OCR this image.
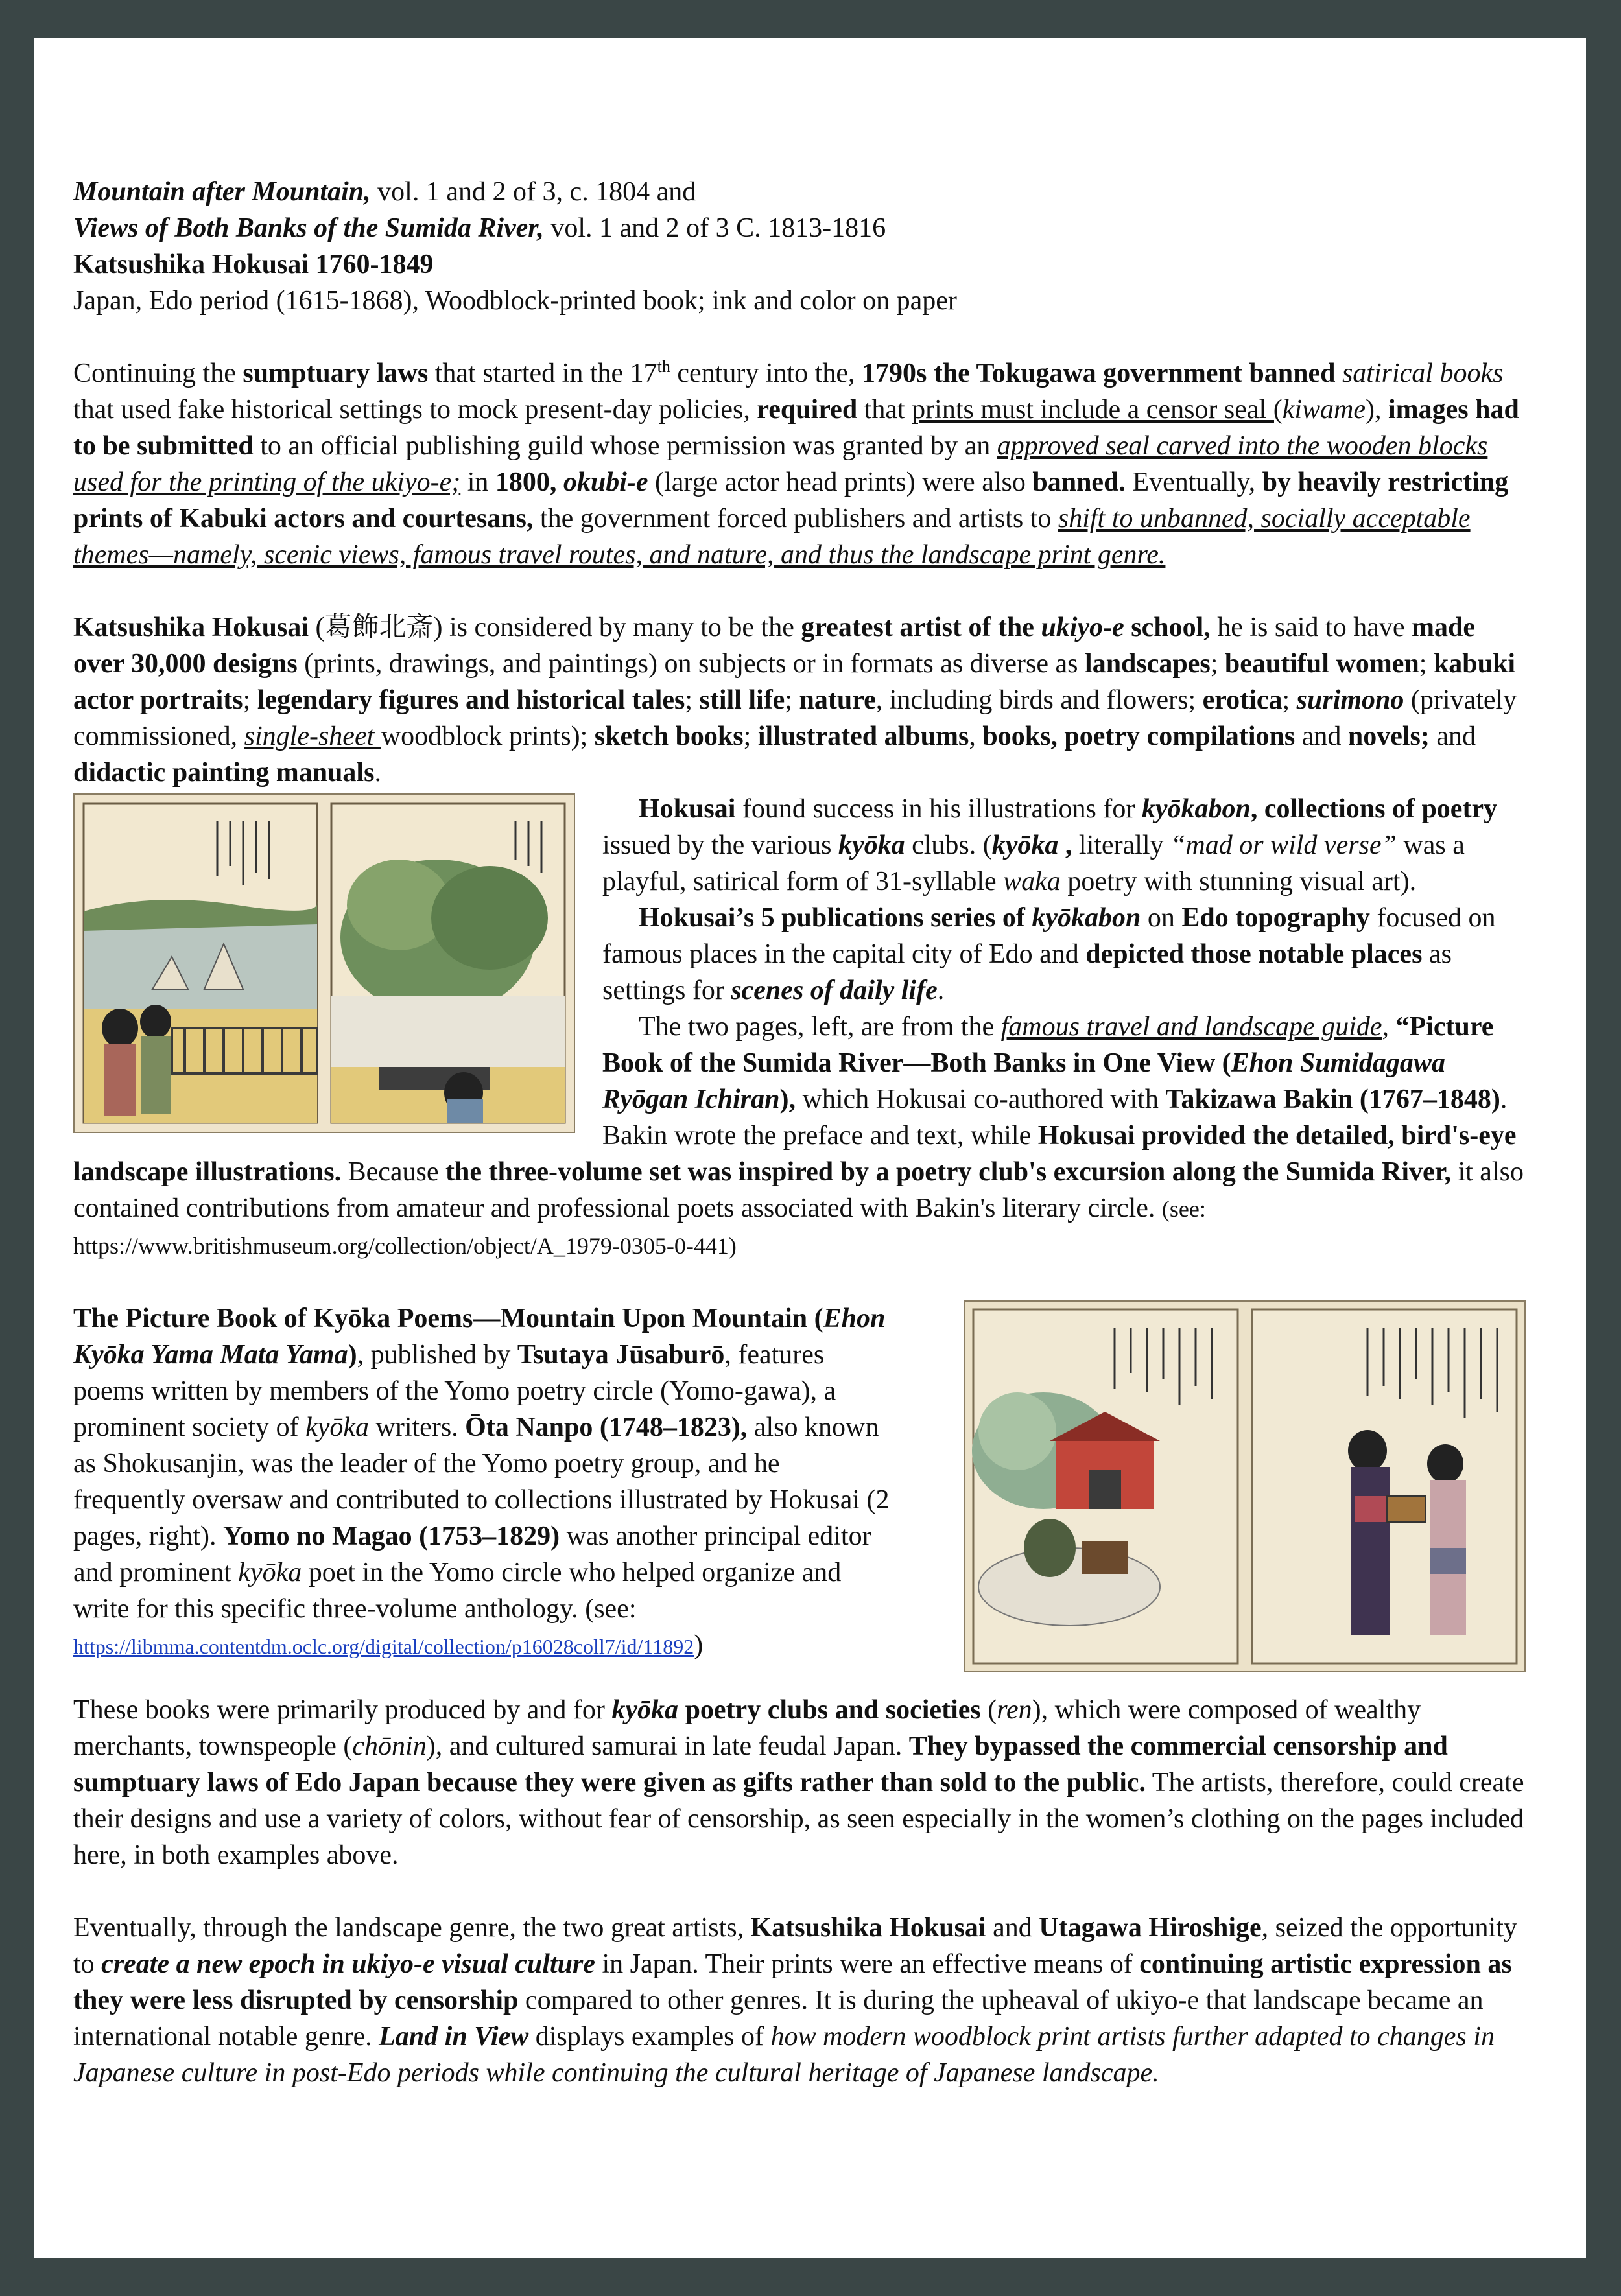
Mountain after Mountain, vol. 1 and 2 of 3, c. 1804 and

Views of Both Banks of the Sumida River, vol. 1 and 2 of 3 C. 1813-1816

Katsushika Hokusai 1760-1849

Japan, Edo period (1615-1868), Woodblock-printed book; ink and color on paper

Continuing the sumptuary laws that started in the 17th century into the, 1790s the Tokugawa government banned satirical books that used fake historical settings to mock present-day policies, required that prints must include a censor seal (kiwame), images had to be submitted to an official publishing guild whose permission was granted by an approved seal carved into the wooden blocks used for the printing of the ukiyo-e; in 1800, okubi-e (large actor head prints) were also banned. Eventually, by heavily restricting prints of Kabuki actors and courtesans, the government forced publishers and artists to shift to unbanned, socially acceptable themes—namely, scenic views, famous travel routes, and nature, and thus the landscape print genre.

Katsushika Hokusai (葛飾北斎) is considered by many to be the greatest artist of the ukiyo-e school, he is said to have made over 30,000 designs (prints, drawings, and paintings) on subjects or in formats as diverse as landscapes; beautiful women; kabuki actor portraits; legendary figures and historical tales; still life; nature, including birds and flowers; erotica; surimono (privately commissioned, single-sheet woodblock prints); sketch books; illustrated albums, books, poetry compilations and novels; and didactic painting manuals.

Hokusai found success in his illustrations for kyōkabon, collections of poetry issued by the various kyōka clubs. (kyōka , literally “mad or wild verse” was a playful, satirical form of 31-syllable waka poetry with stunning visual art).

Hokusai’s 5 publications series of kyōkabon on Edo topography focused on famous places in the capital city of Edo and depicted those notable places as settings for scenes of daily life.

The two pages, left, are from the famous travel and landscape guide, “Picture Book of the Sumida River—Both Banks in One View (Ehon Sumidagawa Ryōgan Ichiran), which Hokusai co-authored with Takizawa Bakin (1767–1848). Bakin wrote the preface and text, while Hokusai provided the detailed, bird's-eye landscape illustrations. Because the three-volume set was inspired by a poetry club's excursion along the Sumida River, it also contained contributions from amateur and professional poets associated with Bakin's literary circle. (see: https://www.britishmuseum.org/collection/object/A_1979-0305-0-441)

The Picture Book of Kyōka Poems—Mountain Upon Mountain (Ehon Kyōka Yama Mata Yama), published by Tsutaya Jūsaburō, features poems written by members of the Yomo poetry circle (Yomo-gawa), a prominent society of kyōka writers. Ōta Nanpo (1748–1823), also known as Shokusanjin, was the leader of the Yomo poetry group, and he frequently oversaw and contributed to collections illustrated by Hokusai (2 pages, right). Yomo no Magao (1753–1829) was another principal editor and prominent kyōka poet in the Yomo circle who helped organize and write for this specific three-volume anthology. (see: https://libmma.contentdm.oclc.org/digital/collection/p16028coll7/id/11892)

These books were primarily produced by and for kyōka poetry clubs and societies (ren), which were composed of wealthy merchants, townspeople (chōnin), and cultured samurai in late feudal Japan. They bypassed the commercial censorship and sumptuary laws of Edo Japan because they were given as gifts rather than sold to the public. The artists, therefore, could create their designs and use a variety of colors, without fear of censorship, as seen especially in the women’s clothing on the pages included here, in both examples above.

Eventually, through the landscape genre, the two great artists, Katsushika Hokusai and Utagawa Hiroshige, seized the opportunity to create a new epoch in ukiyo-e visual culture in Japan. Their prints were an effective means of continuing artistic expression as they were less disrupted by censorship compared to other genres. It is during the upheaval of ukiyo-e that landscape became an international notable genre. Land in View displays examples of how modern woodblock print artists further adapted to changes in Japanese culture in post-Edo periods while continuing the cultural heritage of Japanese landscape.
